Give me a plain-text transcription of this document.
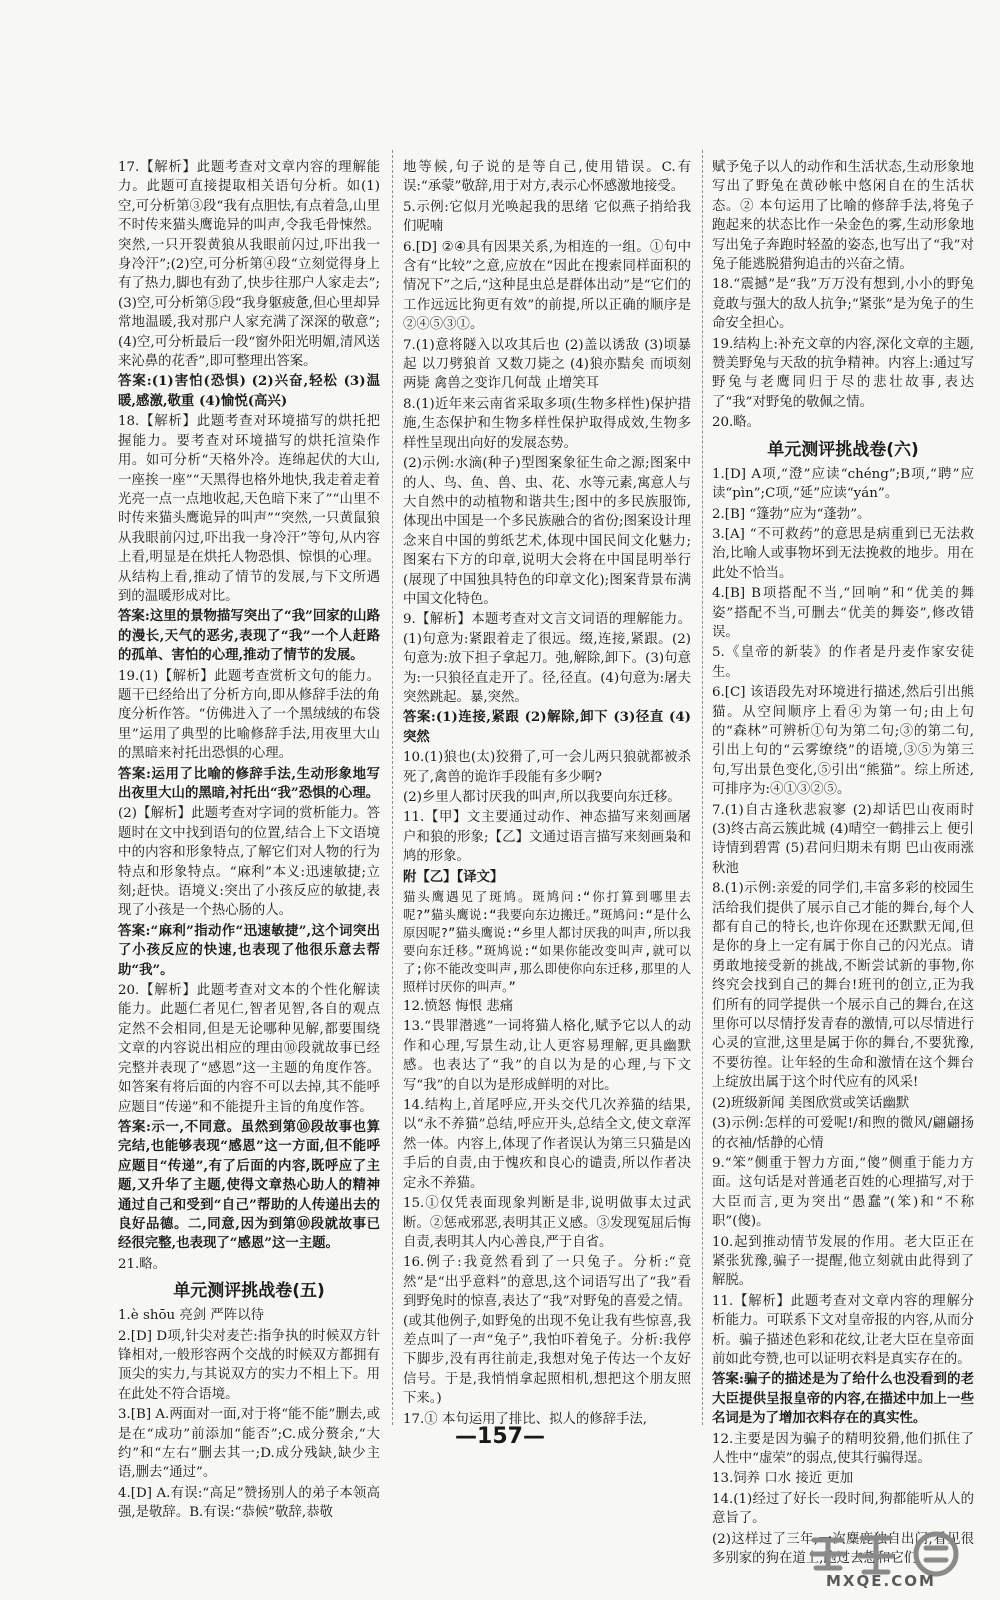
17.【解析】此题考查对文章内容的理解能力。此题可直接提取相关语句分析。如(1)空,可分析第③段“我有点胆怯,有点着急,山里不时传来猫头鹰诡异的叫声,令我毛骨悚然。突然,一只开裂黄狼从我眼前闪过,吓出我一身冷汗”;(2)空,可分析第④段“立刻觉得身上有了热力,脚也有劲了,快步往那户人家走去”;(3)空,可分析第⑤段“我身躯疲惫,但心里却异常地温暖,我对那户人家充满了深深的敬意”;(4)空,可分析最后一段“窗外阳光明媚,清风送来沁鼻的花香”,即可整理出答案。

答案:(1)害怕(恐惧) (2)兴奋,轻松 (3)温暖,感激,敬重 (4)愉悦(高兴)

18.【解析】此题考查对环境描写的烘托把握能力。要考查对环境描写的烘托渲染作用。如可分析“天格外冷。连绵起伏的大山,一座挨一座”“天黑得也格外地快,我走着走着光亮一点一点地收起,天色暗下来了”“山里不时传来猫头鹰诡异的叫声”“突然,一只黄鼠狼从我眼前闪过,吓出我一身冷汗”等句,从内容上看,明显是在烘托人物恐惧、惊惧的心理。从结构上看,推动了情节的发展,与下文所遇到的温暖形成对比。

答案:这里的景物描写突出了“我”回家的山路的漫长,天气的恶劣,表现了“我”一个人赶路的孤单、害怕的心理,推动了情节的发展。

19.(1)【解析】此题考查赏析文句的能力。题干已经给出了分析方向,即从修辞手法的角度分析作答。“仿佛进入了一个黑绒绒的布袋里”运用了典型的比喻修辞手法,用夜里大山的黑暗来衬托出恐惧的心理。

答案:运用了比喻的修辞手法,生动形象地写出夜里大山的黑暗,衬托出“我”恐惧的心理。

(2)【解析】此题考查对字词的赏析能力。答题时在文中找到语句的位置,结合上下文语境中的内容和形象特点,了解它们对人物的行为特点和形象特点。“麻利”本义:迅速敏捷;立刻;赶快。语境义:突出了小孩反应的敏捷,表现了小孩是一个热心肠的人。

答案:“麻利”指动作“迅速敏捷”,这个词突出了小孩反应的快速,也表现了他很乐意去帮助“我”。

20.【解析】此题考查对文本的个性化解读能力。此题仁者见仁,智者见智,各自的观点定然不会相同,但是无论哪种见解,都要围绕文章的内容说出相应的理由⑩段就故事已经完整并表现了“感恩”这一主题的角度作答。如答案有将后面的内容不可以去掉,其不能呼应题目“传递”和不能提升主旨的角度作答。

答案:示一,不同意。虽然到第⑩段故事也算完结,也能够表现“感恩”这一方面,但不能呼应题目“传递”,有了后面的内容,既呼应了主题,又升华了主题,使得文章热心助人的精神通过自己和受到“自己”帮助的人传递出去的良好品德。二,同意,因为到第⑩段就故事已经很完整,也表现了“感恩”这一主题。

21.略。

单元测评挑战卷(五)

1.è shōu 亮剑 严阵以待

2.[D] D项,针尖对麦芒:指争执的时候双方针锋相对,一般形容两个交战的时候双方都拥有顶尖的实力,与其说双方的实力不相上下。用在此处不符合语境。

3.[B] A.两面对一面,对于将“能不能”删去,或是在“成功”前添加“能否”;C.成分赘余,“大约”和“左右”删去其一;D.成分残缺,缺少主语,删去“通过”。

4.[D] A.有误:“高足”赞扬别人的弟子本领高强,是敬辞。B.有误:“恭候”敬辞,恭敬

地等候,句子说的是等自己,使用错误。C.有误:“承蒙”敬辞,用于对方,表示心怀感激地接受。

5.示例:它似月光唤起我的思绪 它似燕子捎给我们呢喃

6.[D] ②④具有因果关系,为相连的一组。①句中含有“比较”之意,应放在“因此在搜索同样面积的情况下”之后,“这种昆虫总是群体出动”是“它们的工作远远比狗更有效”的前提,所以正确的顺序是②④⑤③①。

7.(1)意将隧入以攻其后也 (2)盖以诱敌 (3)顷暴起 以刀劈狼首 又数刀毙之 (4)狼亦黠矣 而顷刻两毙 禽兽之变诈几何哉 止增笑耳

8.(1)近年来云南省采取多项(生物多样性)保护措施,生态保护和生物多样性保护取得成效,生物多样性呈现出向好的发展态势。

(2)示例:水滴(种子)型图案象征生命之源;图案中的人、鸟、鱼、兽、虫、花、水等元素,寓意人与大自然中的动植物和谐共生;图中的多民族服饰,体现出中国是一个多民族融合的省份;图案设计理念来自中国的剪纸艺术,体现中国民间文化魅力;图案右下方的印章,说明大会将在中国昆明举行(展现了中国独具特色的印章文化);图案背景布满中国文化特色。

9.【解析】本题考查对文言文词语的理解能力。(1)句意为:紧跟着走了很远。缀,连接,紧跟。(2)句意为:放下担子拿起刀。弛,解除,卸下。(3)句意为:一只狼径直走开了。径,径直。(4)句意为:屠夫突然跳起。暴,突然。

答案:(1)连接,紧跟 (2)解除,卸下 (3)径直 (4)突然

10.(1)狼也(太)狡猾了,可一会儿两只狼就都被杀死了,禽兽的诡诈手段能有多少啊?

(2)乡里人都讨厌我的叫声,所以我要向东迁移。

11.【甲】文主要通过动作、神态描写来刻画屠户和狼的形象;【乙】文通过语言描写来刻画枭和鸠的形象。

附【乙】【译文】

猫头鹰遇见了斑鸠。斑鸠问:“你打算到哪里去呢?”猫头鹰说:“我要向东边搬迁。”斑鸠问:“是什么原因呢?”猫头鹰说:“乡里人都讨厌我的叫声,所以我要向东迁移。”斑鸠说:“如果你能改变叫声,就可以了;你不能改变叫声,那么即使你向东迁移,那里的人照样讨厌你的叫声。”

12.愤怒 悔恨 悲痛

13.“畏罪潜逃”一词将猫人格化,赋予它以人的动作和心理,写景生动,让人更容易理解,更具幽默感。也表达了“我”的自以为是的心理,与下文写“我”的自以为是形成鲜明的对比。

14.结构上,首尾呼应,开头交代几次养猫的结果,以“永不养猫”总结,呼应开头,总结全文,使文章浑然一体。内容上,体现了作者误认为第三只猫是凶手后的自责,由于愧疚和良心的谴责,所以作者决定永不养猫。

15.①仅凭表面现象判断是非,说明做事太过武断。②惩戒邪恶,表明其正义感。③发现冤屈后悔自责,表明其人内心善良,严于自省。

16.例子:我竟然看到了一只兔子。分析:“竟然”是“出乎意料”的意思,这个词语写出了“我”看到野兔时的惊喜,表达了“我”对野兔的喜爱之情。(或其他例子,如野兔的出现不免让我有些惊喜,我差点叫了一声“兔子”,我怕吓着兔子。分析:我停下脚步,没有再往前走,我想对兔子传达一个友好信号。于是,我悄悄拿起照相机,想把这个朋友照下来。)

17.① 本句运用了排比、拟人的修辞手法,

赋予兔子以人的动作和生活状态,生动形象地写出了野兔在黄砂帐中悠闲自在的生活状态。② 本句运用了比喻的修辞手法,将兔子跑起来的状态比作一朵金色的雾,生动形象地写出兔子奔跑时轻盈的姿态,也写出了“我”对兔子能逃脱猎狗追击的兴奋之情。

18.“震撼”是“我”万万没有想到,小小的野兔竟敢与强大的敌人抗争;“紧张”是为兔子的生命安全担心。

19.结构上:补充文章的内容,深化文章的主题,赞美野兔与天敌的抗争精神。内容上:通过写野兔与老鹰同归于尽的悲壮故事,表达了“我”对野兔的敬佩之情。

20.略。

单元测评挑战卷(六)

1.[D] A项,“澄”应读“chéng”;B项,“聘”应读“pìn”;C项,“延”应读“yán”。

2.[B] “篷勃”应为“蓬勃”。

3.[A] “不可救药”的意思是病重到已无法救治,比喻人或事物坏到无法挽救的地步。用在此处不恰当。

4.[B] B项搭配不当,“回响”和“优美的舞姿”搭配不当,可删去“优美的舞姿”,修改错误。

5.《皇帝的新装》的作者是丹麦作家安徒生。

6.[C] 该语段先对环境进行描述,然后引出熊猫。从空间顺序上看④为第一句;由上句的“森林”可辨析①句为第二句;③的第二句,引出上句的“云雾缭绕”的语境,③⑤为第三句,写出景色变化,⑤引出“熊猫”。综上所述,可排序为:④①③②⑤。

7.(1)自古逢秋悲寂寥 (2)却话巴山夜雨时 (3)终古高云簇此城 (4)晴空一鹤排云上 便引诗情到碧霄 (5)君问归期未有期 巴山夜雨涨秋池

8.(1)示例:亲爱的同学们,丰富多彩的校园生活给我们提供了展示自己才能的舞台,每个人都有自己的特长,也许你现在还默默无闻,但是你的身上一定有属于你自己的闪光点。请勇敢地接受新的挑战,不断尝试新的事物,你终究会找到自己的舞台!班刊的创立,正为我们所有的同学提供一个展示自己的舞台,在这里你可以尽情抒发青春的激情,可以尽情进行心灵的宣泄,这里是属于你的舞台,不要犹豫,不要彷徨。让年轻的生命和激情在这个舞台上绽放出属于这个时代应有的风采!

(2)班级新闻 美图欣赏或笑话幽默

(3)示例:怎样的可爱呢!/和煦的微风/翩翩扬的衣袖/恬静的心情

9.“笨”侧重于智力方面,“傻”侧重于能力方面。这句话是对普通老百姓的心理描写,对于大臣而言,更为突出“愚蠢”(笨)和“不称职”(傻)。

10.起到推动情节发展的作用。老大臣正在紧张犹豫,骗子一提醒,他立刻就由此得到了解脱。

11.【解析】此题考查对文章内容的理解分析能力。可联系下文对皇帝报的内容,从而分析。骗子描述色彩和花纹,让老大臣在皇帝面前如此夸赞,也可以证明衣料是真实存在的。

答案:骗子的描述是为了给什么也没看到的老大臣提供呈报皇帝的内容,在描述中加上一些名词是为了增加衣料存在的真实性。

12.主要是因为骗子的精明狡猾,他们抓住了人性中“虚荣”的弱点,使其行骗得逞。

13.饲养 口水 接近 更加

14.(1)经过了好长一段时间,狗都能听从人的意旨了。

(2)这样过了三年,一次麋鹿独自出门,看见很多别家的狗在道上,跑过去想和它们

—157—
MXQE.COM
